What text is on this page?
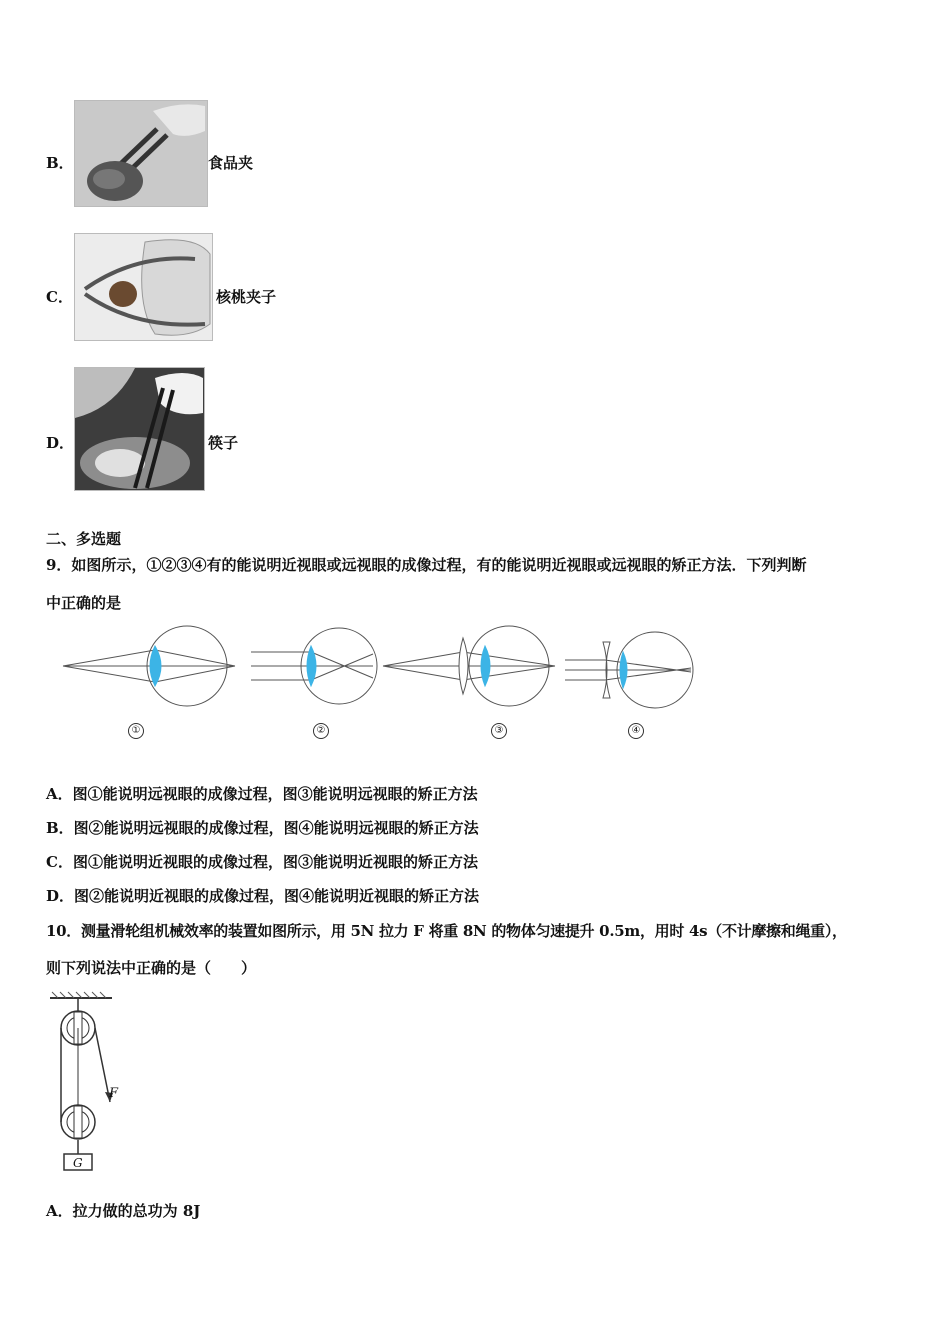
B．	食品夹
C．	核桃夹子
D．	筷子
二、多选题
9．如图所示，①②③④有的能说明近视眼或远视眼的成像过程，有的能说明近视眼或远视眼的矫正方法．下列判断
中正确的是
①	②	③	④
A．图①能说明远视眼的成像过程，图③能说明远视眼的矫正方法
B．图②能说明远视眼的成像过程，图④能说明远视眼的矫正方法
C．图①能说明近视眼的成像过程，图③能说明近视眼的矫正方法
D．图②能说明近视眼的成像过程，图④能说明近视眼的矫正方法
10．测量滑轮组机械效率的装置如图所示，用 5N 拉力 F 将重 8N 的物体匀速提升 0.5m，用时 4s（不计摩擦和绳重），
则下列说法中正确的是（　　）
F
G
A．拉力做的总功为 8J
